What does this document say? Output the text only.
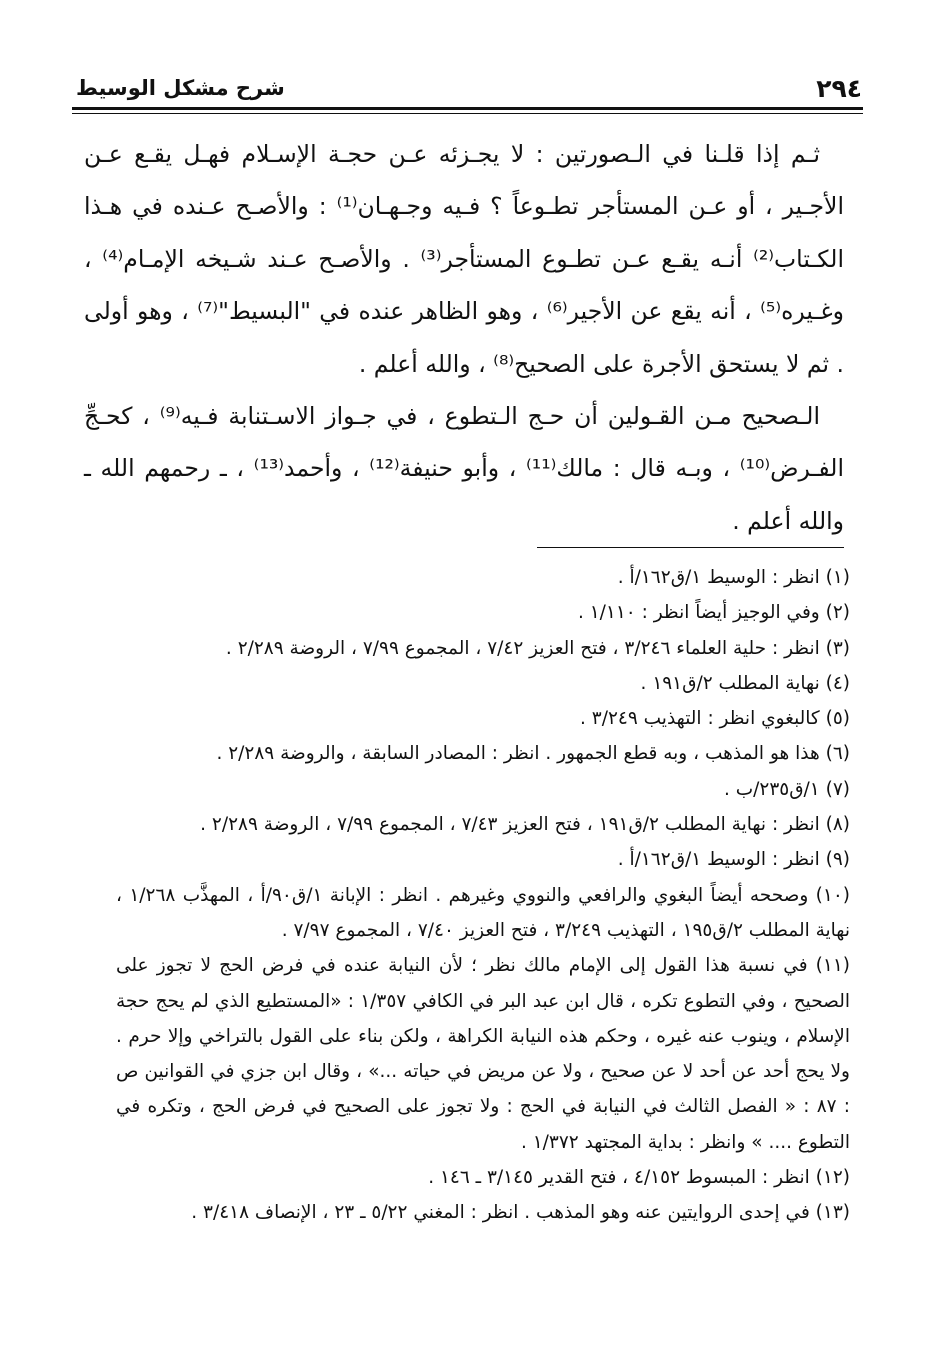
٢٩٤
شرح مشكل الوسيط

ثـم إذا قلـنا في الـصورتين : لا يجـزئه عـن حجـة الإسـلام فهـل يقـع عـن الأجـير ، أو عـن المستأجر تطـوعاً ؟ فـيه وجـهـان⁽¹⁾ : والأصـح عـنده في هـذا الكـتاب⁽²⁾ أنـه يقـع عـن تطـوع المستأجر⁽³⁾ . والأصـح عـند شـيخه الإمـام⁽⁴⁾ ، وغـيره⁽⁵⁾ ، أنه يقع عن الأجير⁽⁶⁾ ، وهو الظاهر عنده في "البسيط"⁽⁷⁾ ، وهو أولى . ثم لا يستحق الأجرة على الصحيح⁽⁸⁾ ، والله أعلم .

الـصحيح مـن القـولين أن حـج الـتطوع ، في جـواز الاسـتنابة فـيه⁽⁹⁾ ، كحـجِّ الفـرض⁽¹⁰⁾ ، وبـه قال : مالك⁽¹¹⁾ ، وأبو حنيفة⁽¹²⁾ ، وأحمد⁽¹³⁾ ، ـ رحمهم الله ـ والله أعلم .

(١) انظر : الوسيط ١/ق١٦٢/أ .

(٢) وفي الوجيز أيضاً انظر : ١/١١٠ .

(٣) انظر : حلية العلماء ٣/٢٤٦ ، فتح العزيز ٧/٤٢ ، المجموع ٧/٩٩ ، الروضة ٢/٢٨٩ .

(٤) نهاية المطلب ٢/ق١٩١ .

(٥) كالبغوي انظر : التهذيب ٣/٢٤٩ .

(٦) هذا هو المذهب ، وبه قطع الجمهور . انظر : المصادر السابقة ، والروضة ٢/٢٨٩ .

(٧) ١/ق٢٣٥/ب .

(٨) انظر : نهاية المطلب ٢/ق١٩١ ، فتح العزيز ٧/٤٣ ، المجموع ٧/٩٩ ، الروضة ٢/٢٨٩ .

(٩) انظر : الوسيط ١/ق١٦٢/أ .

(١٠) وصححه أيضاً البغوي والرافعي والنووي وغيرهم . انظر : الإبانة ١/ق٩٠/أ ، المهذَّب ١/٢٦٨ ، نهاية المطلب ٢/ق١٩٥ ، التهذيب ٣/٢٤٩ ، فتح العزيز ٧/٤٠ ، المجموع ٧/٩٧ .

(١١) في نسبة هذا القول إلى الإمام مالك نظر ؛ لأن النيابة عنده في فرض الحج لا تجوز على الصحيح ، وفي التطوع تكره ، قال ابن عبد البر في الكافي ١/٣٥٧ : «المستطيع الذي لم يحج حجة الإسلام ، وينوب عنه غيره ، وحكم هذه النيابة الكراهة ، ولكن بناء على القول بالتراخي وإلا حرم . ولا يحج أحد عن أحد لا عن صحيح ، ولا عن مريض في حياته ...» ، وقال ابن جزي في القوانين ص : ٨٧ : « الفصل الثالث في النيابة في الحج : ولا تجوز على الصحيح في فرض الحج ، وتكره في التطوع .... » وانظر : بداية المجتهد ١/٣٧٢ .

(١٢) انظر : المبسوط ٤/١٥٢ ، فتح القدير ٣/١٤٥ ـ ١٤٦ .

(١٣) في إحدى الروايتين عنه وهو المذهب . انظر : المغني ٥/٢٢ ـ ٢٣ ، الإنصاف ٣/٤١٨ .
